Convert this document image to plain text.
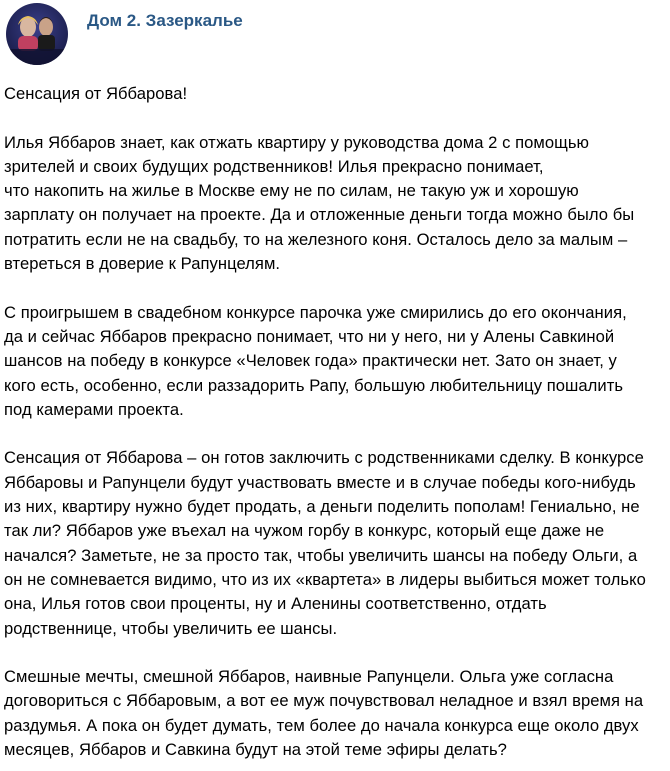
Дом 2. Зазеркалье

Сенсация от Яббарова!

Илья Яббаров знает, как отжать квартиру у руководства дома 2 с помощью
зрителей и своих будущих родственников! Илья прекрасно понимает,
что накопить на жилье в Москве ему не по силам, не такую уж и хорошую
зарплату он получает на проекте. Да и отложенные деньги тогда можно было бы
потратить если не на свадьбу, то на железного коня. Осталось дело за малым –
втереться в доверие к Рапунцелям.

С проигрышем в свадебном конкурсе парочка уже смирились до его окончания,
да и сейчас Яббаров прекрасно понимает, что ни у него, ни у Алены Савкиной
шансов на победу в конкурсе «Человек года» практически нет. Зато он знает, у
кого есть, особенно, если раззадорить Рапу, большую любительницу пошалить
под камерами проекта.

Сенсация от Яббарова – он готов заключить с родственниками сделку. В конкурсе
Яббаровы и Рапунцели будут участвовать вместе и в случае победы кого-нибудь
из них, квартиру нужно будет продать, а деньги поделить пополам! Гениально, не
так ли? Яббаров уже въехал на чужом горбу в конкурс, который еще даже не
начался? Заметьте, не за просто так, чтобы увеличить шансы на победу Ольги, а
он не сомневается видимо, что из их «квартета» в лидеры выбиться может только
она, Илья готов свои проценты, ну и Аленины соответственно, отдать
родственнице, чтобы увеличить ее шансы.

Смешные мечты, смешной Яббаров, наивные Рапунцели. Ольга уже согласна
договориться с Яббаровым, а вот ее муж почувствовал неладное и взял время на
раздумья. А пока он будет думать, тем более до начала конкурса еще около двух
месяцев, Яббаров и Савкина будут на этой теме эфиры делать?
